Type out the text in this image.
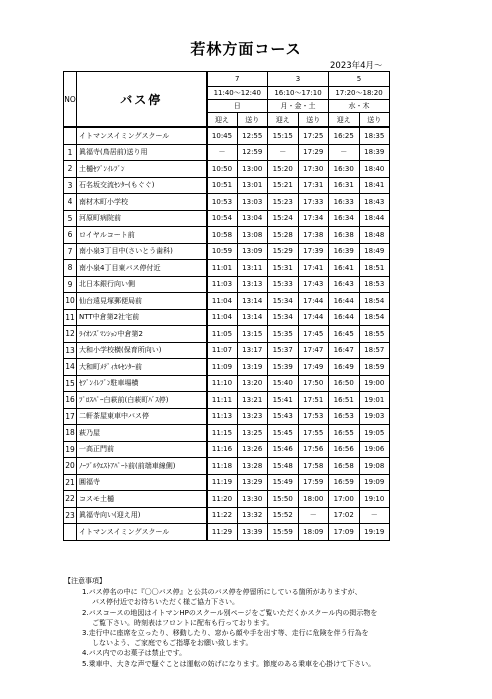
若林方面コース
2023年4月〜
NO	バス停	7		3		5	
		11:40〜12:40		16:10〜17:10		17:20〜18:20	
		日		月・金・土		水・木	
		迎え	送り	迎え	送り	迎え	送り
	イトマンスイミングスクール	10:45	12:55	15:15	17:25	16:25	18:35
1	眞福寺(鳥居前)送り用	－	12:59	－	17:29	－	18:39
2	土樋ｾﾌﾞﾝｲﾚﾌﾞﾝ	10:50	13:00	15:20	17:30	16:30	18:40
3	石名坂交流ｾﾝﾀｰ(もぐぐ)	10:51	13:01	15:21	17:31	16:31	18:41
4	南材木町小学校	10:53	13:03	15:23	17:33	16:33	18:43
5	河原町病院前	10:54	13:04	15:24	17:34	16:34	18:44
6	ロイヤルコート前	10:58	13:08	15:28	17:38	16:38	18:48
7	南小泉3丁目中(さいとう歯科)	10:59	13:09	15:29	17:39	16:39	18:49
8	南小泉4丁目東バス停付近	11:01	13:11	15:31	17:41	16:41	18:51
9	北日本銀行向い側	11:03	13:13	15:33	17:43	16:43	18:53
10	仙台遠見塚郵便局前	11:04	13:14	15:34	17:44	16:44	18:54
11	NTT中倉第2社宅前	11:04	13:14	15:34	17:44	16:44	18:54
12	ﾗｲｵﾝｽﾞﾏﾝｼｮﾝ中倉第2	11:05	13:15	15:35	17:45	16:45	18:55
13	大和小学校横(保育所向い)	11:07	13:17	15:37	17:47	16:47	18:57
14	大和町ﾒﾃﾞｨｶﾙｾﾝﾀｰ前	11:09	13:19	15:39	17:49	16:49	18:59
15	ｾﾌﾞﾝｲﾚﾌﾞﾝ駐車場横	11:10	13:20	15:40	17:50	16:50	19:00
16	ﾌﾟﾛｽﾊﾟｰ白萩前(白萩町ﾊﾞｽ停)	11:11	13:21	15:41	17:51	16:51	19:01
17	二軒茶屋東車中バス停	11:13	13:23	15:43	17:53	16:53	19:03
18	萩乃屋	11:15	13:25	15:45	17:55	16:55	19:05
19	一高正門前	11:16	13:26	15:46	17:56	16:56	19:06
20	ﾉｰﾌﾞﾙｳｴｽﾄｱﾊﾟｰﾄ前(前端車線側)	11:18	13:28	15:48	17:58	16:58	19:08
21	圓福寺	11:19	13:29	15:49	17:59	16:59	19:09
22	コスモ土樋	11:20	13:30	15:50	18:00	17:00	19:10
23	眞福寺向い(迎え用)	11:22	13:32	15:52	－	17:02	－
	イトマンスイミングスクール	11:29	13:39	15:59	18:09	17:09	19:19
【注意事項】
1.バス停名の中に『〇〇バス停』と公共のバス停を停留所にしている箇所がありますが、
バス停付近でお待ちいただく様ご協力下さい。
2.バスコースの地図はイトマンHPのスクール別ページをご覧いただくかスクール内の掲示物を
ご覧下さい。時刻表はフロントに配布も行っております。
3.走行中に座席を立ったり、移動したり、窓から顔や手を出す等、走行に危険を伴う行為を
しないよう、ご家庭でもご指導をお願い致します。
4.バス内でのお菓子は禁止です。
5.乗車中、大きな声で騒ぐことは運転の妨げになります。節度のある乗車を心掛けて下さい。
